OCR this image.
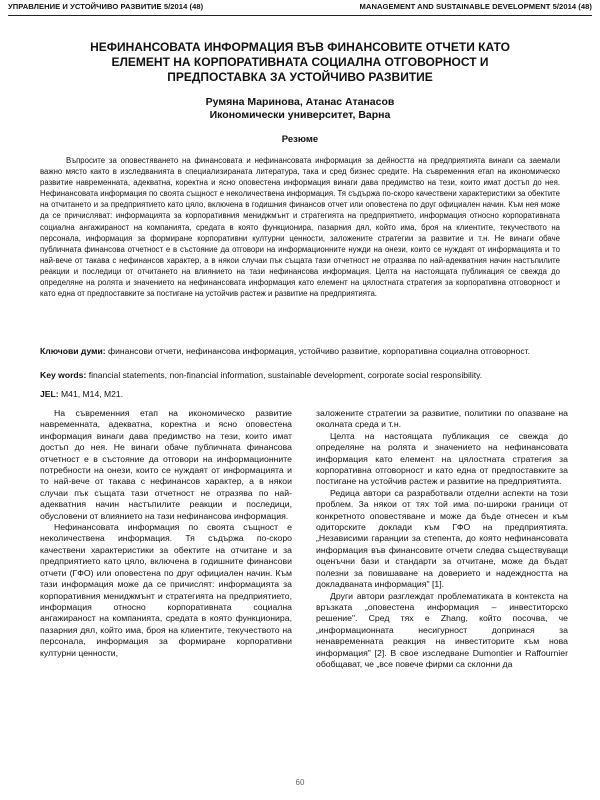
УПРАВЛЕНИЕ И УСТОЙЧИВО РАЗВИТИЕ 5/2014 (48)	MANAGEMENT AND SUSTAINABLE DEVELOPMENT 5/2014 (48)
НЕФИНАНСОВАТА ИНФОРМАЦИЯ ВЪВ ФИНАНСОВИТЕ ОТЧЕТИ КАТО
ЕЛЕМЕНТ НА КОРПОРАТИВНАТА СОЦИАЛНА ОТГОВОРНОСТ И
ПРЕДПОСТАВКА ЗА УСТОЙЧИВО РАЗВИТИЕ
Румяна Маринова, Атанас Атанасов
Икономически университет, Варна
Резюме

Въпросите за оповестяването на финансовата и нефинансовата информация за дейността на предприятията винаги са заемали важно място както в изследванията в специализираната литература, така и сред бизнес средите. На съвременния етап на икономическо развитие навременната, адекватна, коректна и ясно оповестена информация винаги дава предимство на тези, които имат достъп до нея. Нефинансовата информация по своята същност е неколичествена информация. Тя съдържа по-скоро качествени характеристики за обектите на отчитането и за предприятието като цяло, включена в годишния финансов отчет или оповестена по друг официален начин. Към нея може да се причисляват: информацията за корпоративния мениджмънт и стратегията на предприятието, информация относно корпоративната социална ангажираност на компанията, средата в която функционира, пазарния дял, който има, броя на клиентите, текучеството на персонала, информация за формиране корпоративни културни ценности, заложените стратегии за развитие и т.н. Не винаги обаче публичната финансова отчетност е в състояние да отговори на информационните нужди на онези, които се нуждаят от информацията и то най-вече от такава с нефинансов характер, а в някои случаи пък същата тази отчетност не отразява по най-адекватния начин настъпилите реакции и последици от отчитането на влиянието на тази нефинансова информация. Целта на настоящата публикация се свежда до определяне на ролята и значението на нефинансовата информация като елемент на цялостната стратегия за корпоративна отговорност и като една от предпоставките за постигане на устойчив растеж и развитие на предприятията.

Ключови думи: финансови отчети, нефинансова информация, устойчиво развитие, корпоративна социална отговорност.
Key words: financial statements, non-financial information, sustainable development, corporate social responsibility.
JEL: M41, M14, M21.

На съвременния етап на икономическо развитие навременната, адекватна, коректна и ясно оповестена информация винаги дава предимство на тези, които имат достъп до нея. Не винаги обаче публичната финансова отчетност е в състояние да отговори на информационните потребности на онези, които се нуждаят от информацията и то най-вече от такава с нефинансов характер, а в някои случаи пък същата тази отчетност не отразява по най-адекватния начин настъпилите реакции и последици, обусловени от влиянието на тази нефинансова информация.

Нефинансовата информация по своята същност е неколичествена информация. Тя съдържа по-скоро качествени характеристики за обектите на отчитане и за предприятието като цяло, включена в годишните финансови отчети (ГФО) или оповестена по друг официален начин. Към тази информация може да се причислят: информацията за корпоративния мениджмънт и стратегията на предприятието, информация относно корпоративната социална ангажираност на компанията, средата в която функционира, пазарния дял, който има, броя на клиентите, текучеството на персонала, информация за формиране корпоративни културни ценности,

заложените стратегии за развитие, политики по опазване на околната среда и т.н.

Целта на настоящата публикация се свежда до определяне на ролята и значението на нефинансовата информация като елемент на цялостната стратегия за корпоративна отговорност и като една от предпоставките за постигане на устойчив растеж и развитие на предприятията.

Редица автори са разработвали отделни аспекти на този проблем. За някои от тях той има по-широки граници от конкретното оповестяване и може да бъде отнесен и към одиторските доклади към ГФО на предприятията. „Независими гаранции за степента, до която нефинансовата информация във финансовите отчети следва съществуващи оценъчни бази и стандарти за отчитане, може да бъдат полезни за повишаване на доверието и надеждността на докладваната информация" [1].

Други автори разглеждат проблематиката в контекста на връзката „оповестена информация – инвеститорско решение". Сред тях е Zhang, който посочва, че „информационната несигурност допринася за ненавременната реакция на инвеститорите към нова информация" [2]. В свое изследване Dumontier и Raffournier обобщават, че „все повече фирми са склонни да

60
